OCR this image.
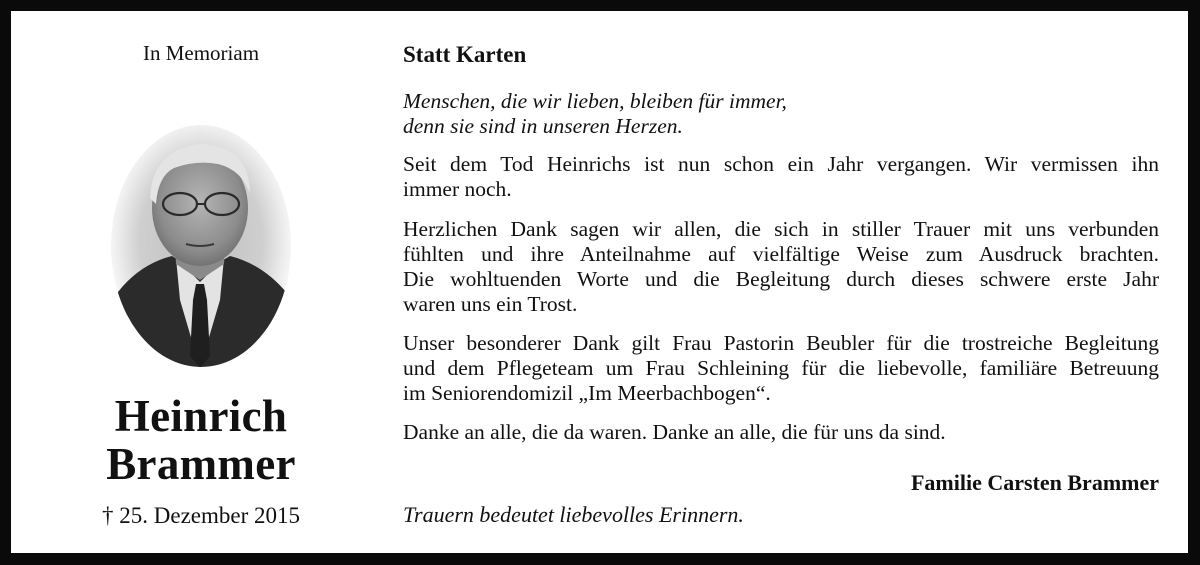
In Memoriam
Heinrich
Brammer
† 25. Dezember 2015
Statt Karten
Menschen, die wir lieben, bleiben für immer,
denn sie sind in unseren Herzen.
Seit dem Tod Heinrichs ist nun schon ein Jahr vergangen. Wir vermissen ihn
immer noch.
Herzlichen Dank sagen wir allen, die sich in stiller Trauer mit uns verbunden
fühlten und ihre Anteilnahme auf vielfältige Weise zum Ausdruck brachten.
Die wohltuenden Worte und die Begleitung durch dieses schwere erste Jahr
waren uns ein Trost.
Unser besonderer Dank gilt Frau Pastorin Beubler für die trostreiche Begleitung
und dem Pflegeteam um Frau Schleining für die liebevolle, familiäre Betreuung
im Seniorendomizil „Im Meerbachbogen“.
Danke an alle, die da waren. Danke an alle, die für uns da sind.
Familie Carsten Brammer
Trauern bedeutet liebevolles Erinnern.
